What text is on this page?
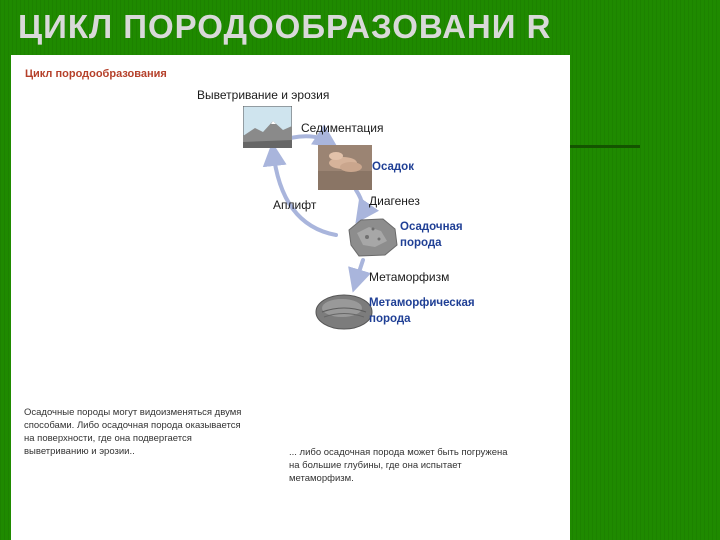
ЦИКЛ ПОРОДООБРАЗОВАНИ R
Цикл породообразования
Выветривание и эрозия
Седиментация
Осадок
Аплифт	Диагенез
Осадочная
порода
Метаморфизм
Метаморфическая
порода
Осадочные породы могут видоизменяться двумя
способами. Либо осадочная порода оказывается
на поверхности, где она подвергается
выветриванию и эрозии..	... либо осадочная порода может быть погружена
на большие глубины, где она испытает
метаморфизм.
